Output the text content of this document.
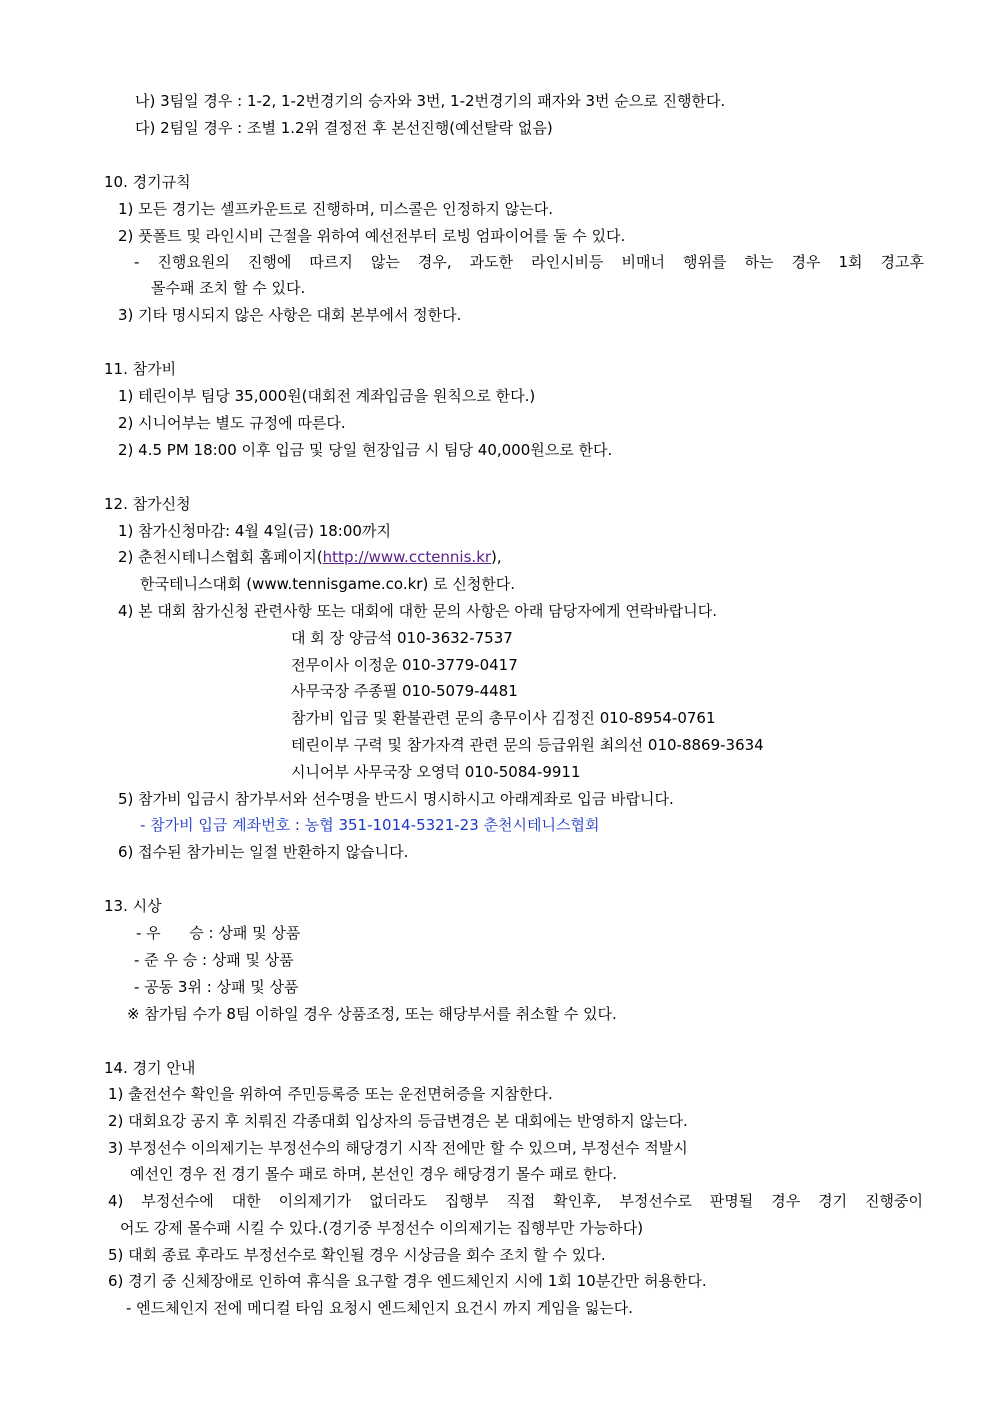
나) 3팀일 경우 : 1-2, 1-2번경기의 승자와 3번, 1-2번경기의 패자와 3번 순으로 진행한다.
다) 2팀일 경우 : 조별 1.2위 결정전 후 본선진행(예선탈락 없음)
10. 경기규칙
1) 모든 경기는 셀프카운트로 진행하며, 미스콜은 인정하지 않는다.
2) 풋폴트 및 라인시비 근절을 위하여 예선전부터 로빙 엄파이어를 둘 수 있다.
- 진행요원의 진행에 따르지 않는 경우, 과도한 라인시비등 비매너 행위를 하는 경우 1회 경고후
몰수패 조치 할 수 있다.
3) 기타 명시되지 않은 사항은 대회 본부에서 정한다.
11. 참가비
1) 테린이부 팀당 35,000원(대회전 계좌입금을 원칙으로 한다.)
2) 시니어부는 별도 규정에 따른다.
2) 4.5 PM 18:00 이후 입금 및 당일 현장입금 시 팀당 40,000원으로 한다.
12. 참가신청
1) 참가신청마감: 4월 4일(금) 18:00까지
2) 춘천시테니스협회 홈페이지(http://www.cctennis.kr),
한국테니스대회 (www.tennisgame.co.kr) 로 신청한다.
4) 본 대회 참가신청 관련사항 또는 대회에 대한 문의 사항은 아래 담당자에게 연락바랍니다.
대 회 장 양금석 010-3632-7537
전무이사 이정운 010-3779-0417
사무국장 주종필 010-5079-4481
참가비 입금 및 환불관련 문의 총무이사 김정진 010-8954-0761
테린이부 구력 및 참가자격 관련 문의 등급위원 최의선 010-8869-3634
시니어부 사무국장 오영덕 010-5084-9911
5) 참가비 입금시 참가부서와 선수명을 반드시 명시하시고 아래계좌로 입금 바랍니다.
- 참가비 입금 계좌번호 : 농협 351-1014-5321-23 춘천시테니스협회
6) 접수된 참가비는 일절 반환하지 않습니다.
13. 시상
- 우      승 : 상패 및 상품
- 준 우 승 : 상패 및 상품
- 공동 3위 : 상패 및 상품
※ 참가팀 수가 8팀 이하일 경우 상품조정, 또는 해당부서를 취소할 수 있다.
14. 경기 안내
1) 출전선수 확인을 위하여 주민등록증 또는 운전면허증을 지참한다.
2) 대회요강 공지 후 치뤄진 각종대회 입상자의 등급변경은 본 대회에는 반영하지 않는다.
3) 부정선수 이의제기는 부정선수의 해당경기 시작 전에만 할 수 있으며, 부정선수 적발시
예선인 경우 전 경기 몰수 패로 하며, 본선인 경우 해당경기 몰수 패로 한다.
4) 부정선수에 대한 이의제기가 없더라도 집행부 직접 확인후, 부정선수로 판명될 경우 경기 진행중이
어도 강제 몰수패 시킬 수 있다.(경기중 부정선수 이의제기는 집행부만 가능하다)
5) 대회 종료 후라도 부정선수로 확인될 경우 시상금을 회수 조치 할 수 있다.
6) 경기 중 신체장애로 인하여 휴식을 요구할 경우 엔드체인지 시에 1회 10분간만 허용한다.
- 엔드체인지 전에 메디컬 타임 요청시 엔드체인지 요건시 까지 게임을 잃는다.
